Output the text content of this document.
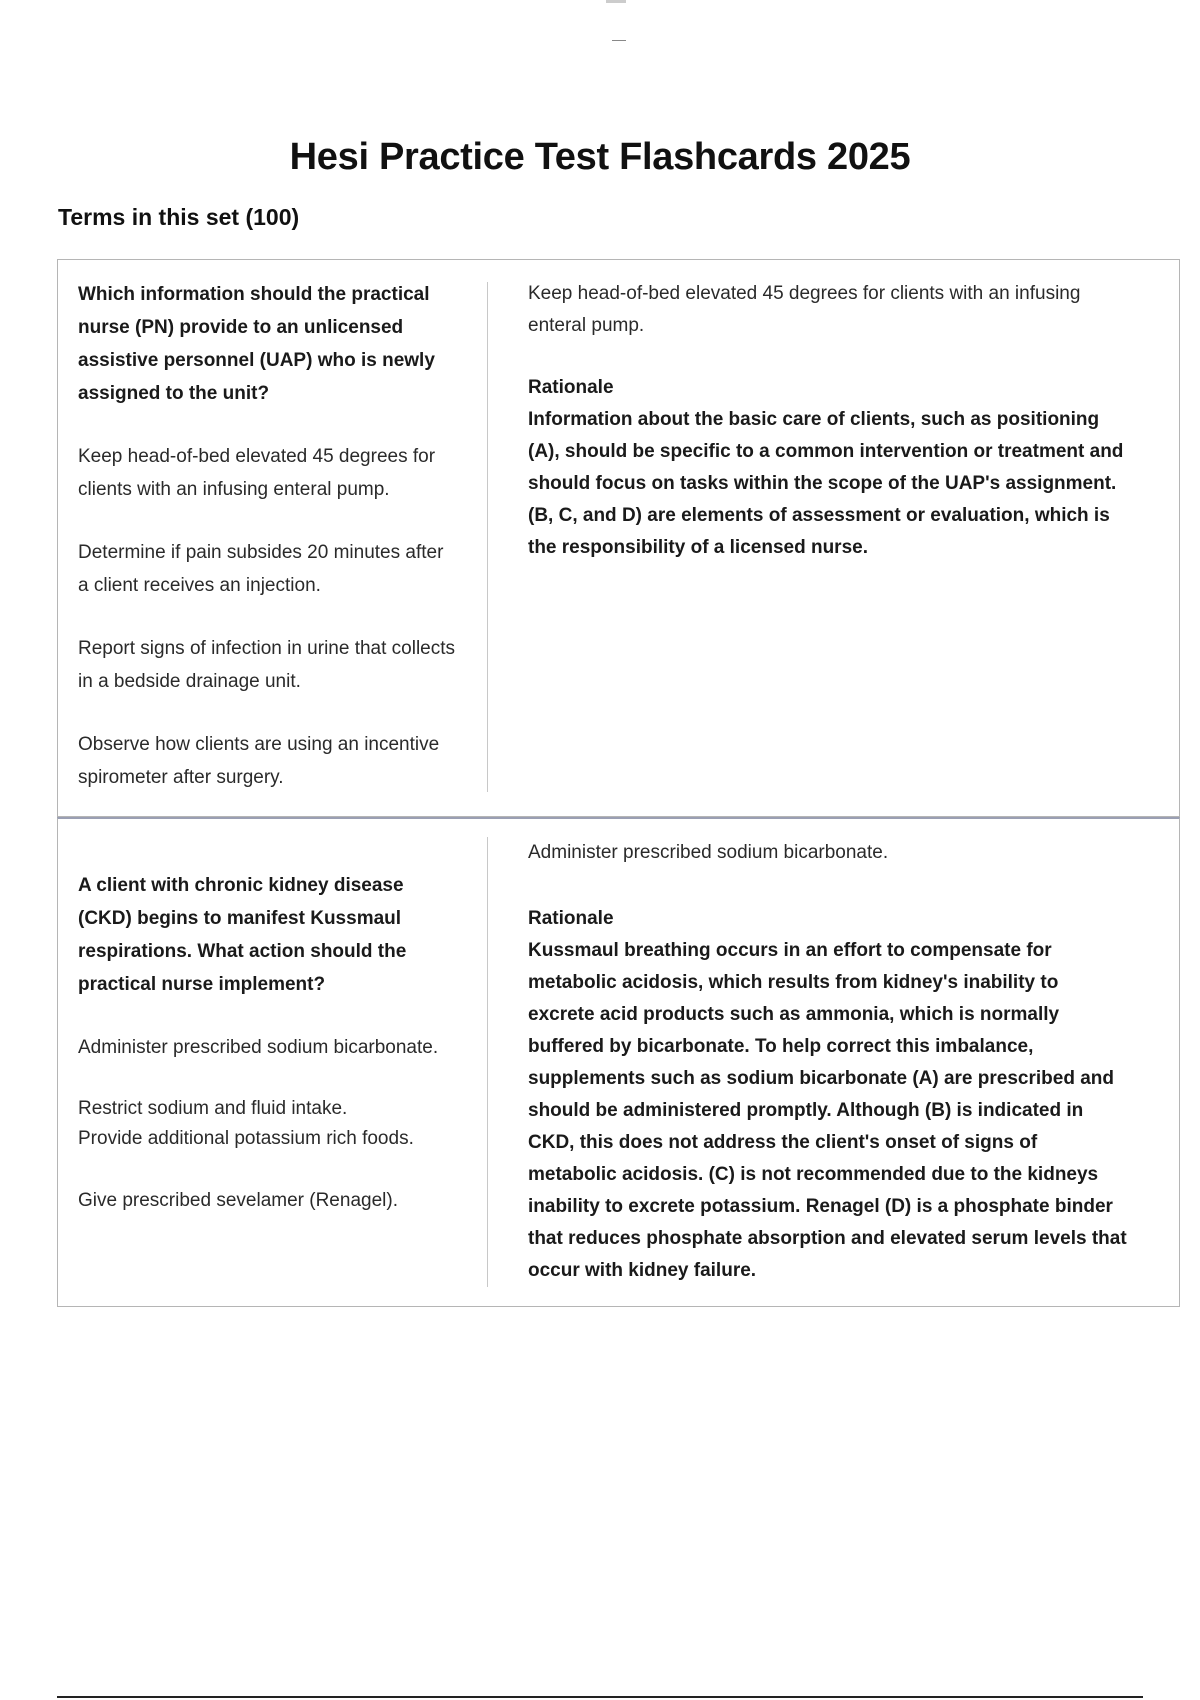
Hesi Practice Test Flashcards 2025
Terms in this set (100)
Which information should the practical nurse (PN) provide to an unlicensed assistive personnel (UAP) who is newly assigned to the unit?
Keep head-of-bed elevated 45 degrees for clients with an infusing enteral pump.
Determine if pain subsides 20 minutes after a client receives an injection.
Report signs of infection in urine that collects in a bedside drainage unit.
Observe how clients are using an incentive spirometer after surgery.
Keep head-of-bed elevated 45 degrees for clients with an infusing enteral pump.
Rationale
Information about the basic care of clients, such as positioning (A), should be specific to a common intervention or treatment and should focus on tasks within the scope of the UAP's assignment. (B, C, and D) are elements of assessment or evaluation, which is the responsibility of a licensed nurse.
A client with chronic kidney disease (CKD) begins to manifest Kussmaul respirations. What action should the practical nurse implement?
Administer prescribed sodium bicarbonate.
Restrict sodium and fluid intake.
Provide additional potassium rich foods.
Give prescribed sevelamer (Renagel).
Administer prescribed sodium bicarbonate.
Rationale
Kussmaul breathing occurs in an effort to compensate for metabolic acidosis, which results from kidney's inability to excrete acid products such as ammonia, which is normally buffered by bicarbonate. To help correct this imbalance, supplements such as sodium bicarbonate (A) are prescribed and should be administered promptly. Although (B) is indicated in CKD, this does not address the client's onset of signs of metabolic acidosis. (C) is not recommended due to the kidneys inability to excrete potassium. Renagel (D) is a phosphate binder that reduces phosphate absorption and elevated serum levels that occur with kidney failure.
